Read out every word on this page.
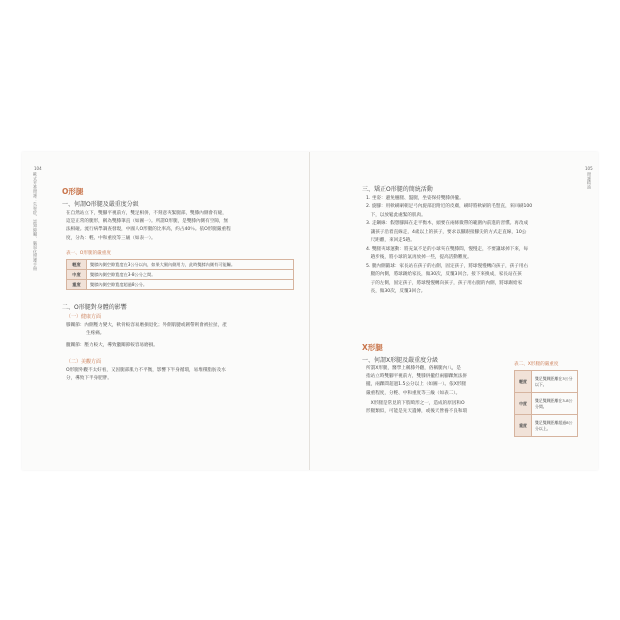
104
歐式芳香照護：失智症、認知障礙、腦退化照護手冊	O形腿
一、何謂O形腿及嚴重度分級

在自然站立下，雙腳平視前方，雙足相併，不刻意夾緊腿部，雙膝內側會有縫，

這是正常的腿形，稱為雙膝筆直（如圖一）。所謂O形腿，是雙膝內側有空隙，無

法相碰。流行病學調查發現，中國人O形腿的比率高，約占40％。依O形腿嚴重程

度，分為：輕、中和重度等三級（如表一）。

表一、O形腿的嚴重度
輕度	雙膝內側空隙寬度在3公分以內，如果大腿內側用力，此時雙膝內側有可能觸。
中度	雙膝內側空隙寬度在3-8公分之間。
重度	雙膝內側空隙寬度超過8公分。
二、O形腿對身體的影響
（一）健康方面

膝關節：內側壓力變大，軟骨較容易磨損退化；外側肌腱或韌帶則會被拉扯，產

生疼痛。

髖關節：壓力較大，導致髖關節較容易磨損。

（二）美觀方面

O形腿外觀不太好看，又因腿部肌力不平衡，影響下半身循環，易堆積脂肪及水

分，導致下半身肥胖。

105
照護精油
三、矯正O形腿的簡統活動
1. 坐姿：避免翹腿、盤腿，坐姿保持雙膝併攏。
2. 旋腳：用軟刷刷朝足弓內旋部沿附近的皮膚，刷時將軟刷的毛豎直，來回刷100
　下，以放鬆此處緊的肌肉。
3. 走鋼線：假想腳踩在走平衡木，頭要在兩條微帶的範圍內前進的習慣。再改成
　讓孩子沿着直線走，4歲以上的孩子，要求以腳跟接腳尖的方式走直線，10公
　尺距離，來回走5趟。
4. 雙腿夾球運動：將充氣不足的小球夾在雙膝間，慢慢走，不要讓球掉下來，每
　趟步後，將小球的氣再放掉一些，提高活動難度。
5. 腿內側鍛球：家長站在孩子的右側，固定孩子，將球慢慢轉向孩子，孩子用右
　腿的內側，將球踢給家長，做30次，反覆3回合。接下來換成，家長站在孩
　子的左側，固定孩子，將球慢慢轉向孩子，孩子用右腿的內側，將球踢給家
　長，做30次，反覆3回合。
X形腿
一、何謂X形腿及嚴重度分級

所謂X形腿，醫學上稱膝外翻，俗稱腿內八，是

指站立時雙腳平視前方，雙膝併攏但兩腳踝無法併

攏，兩踝間超過1.5公分以上（如圖一）。依X形腿

嚴重程度，分輕、中和重度等三級（如表二）。

　X形腿是常見的下肢畸形之一，造成的原因和O

形腿類似，可能是先天遺傳，或後天營養不良和環

表二、X形腿的嚴重度
輕度	雙足雙踝距離在3公分以下。
中度	雙足雙踝距離在3-8公分間。
重度	雙足雙踝距離超過8公分以上。
